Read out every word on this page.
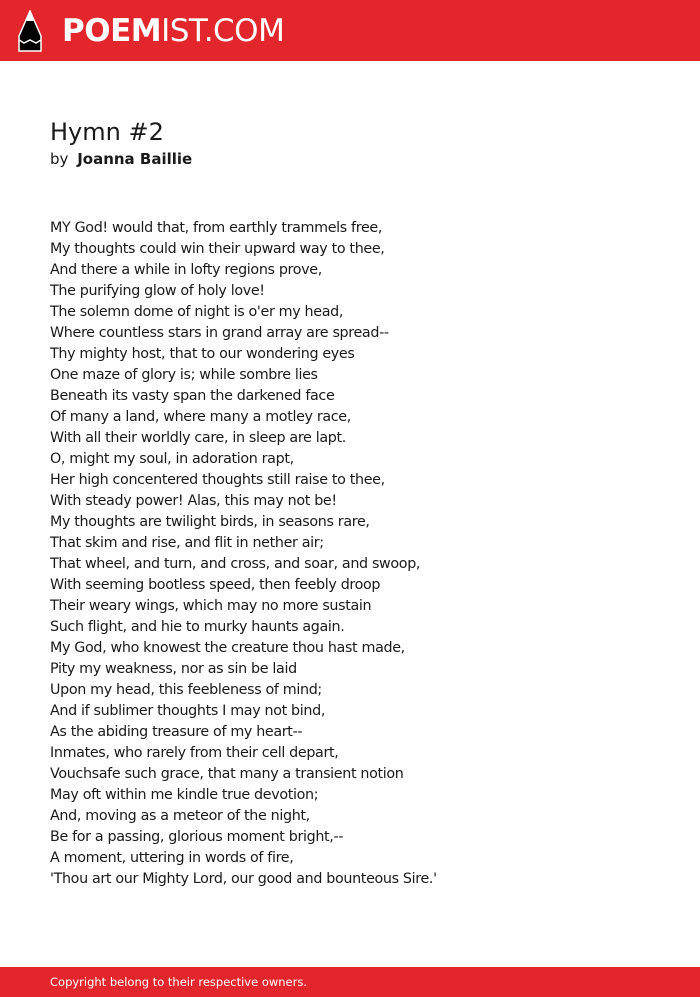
POEMIST.COM
Hymn #2
by Joanna Baillie
MY God! would that, from earthly trammels free,
My thoughts could win their upward way to thee,
And there a while in lofty regions prove,
The purifying glow of holy love!
The solemn dome of night is o'er my head,
Where countless stars in grand array are spread--
Thy mighty host, that to our wondering eyes
One maze of glory is; while sombre lies
Beneath its vasty span the darkened face
Of many a land, where many a motley race,
With all their worldly care, in sleep are lapt.
O, might my soul, in adoration rapt,
Her high concentered thoughts still raise to thee,
With steady power! Alas, this may not be!
My thoughts are twilight birds, in seasons rare,
That skim and rise, and flit in nether air;
That wheel, and turn, and cross, and soar, and swoop,
With seeming bootless speed, then feebly droop
Their weary wings, which may no more sustain
Such flight, and hie to murky haunts again.
My God, who knowest the creature thou hast made,
Pity my weakness, nor as sin be laid
Upon my head, this feebleness of mind;
And if sublimer thoughts I may not bind,
As the abiding treasure of my heart--
Inmates, who rarely from their cell depart,
Vouchsafe such grace, that many a transient notion
May oft within me kindle true devotion;
And, moving as a meteor of the night,
Be for a passing, glorious moment bright,--
A moment, uttering in words of fire,
'Thou art our Mighty Lord, our good and bounteous Sire.'
Copyright belong to their respective owners.
